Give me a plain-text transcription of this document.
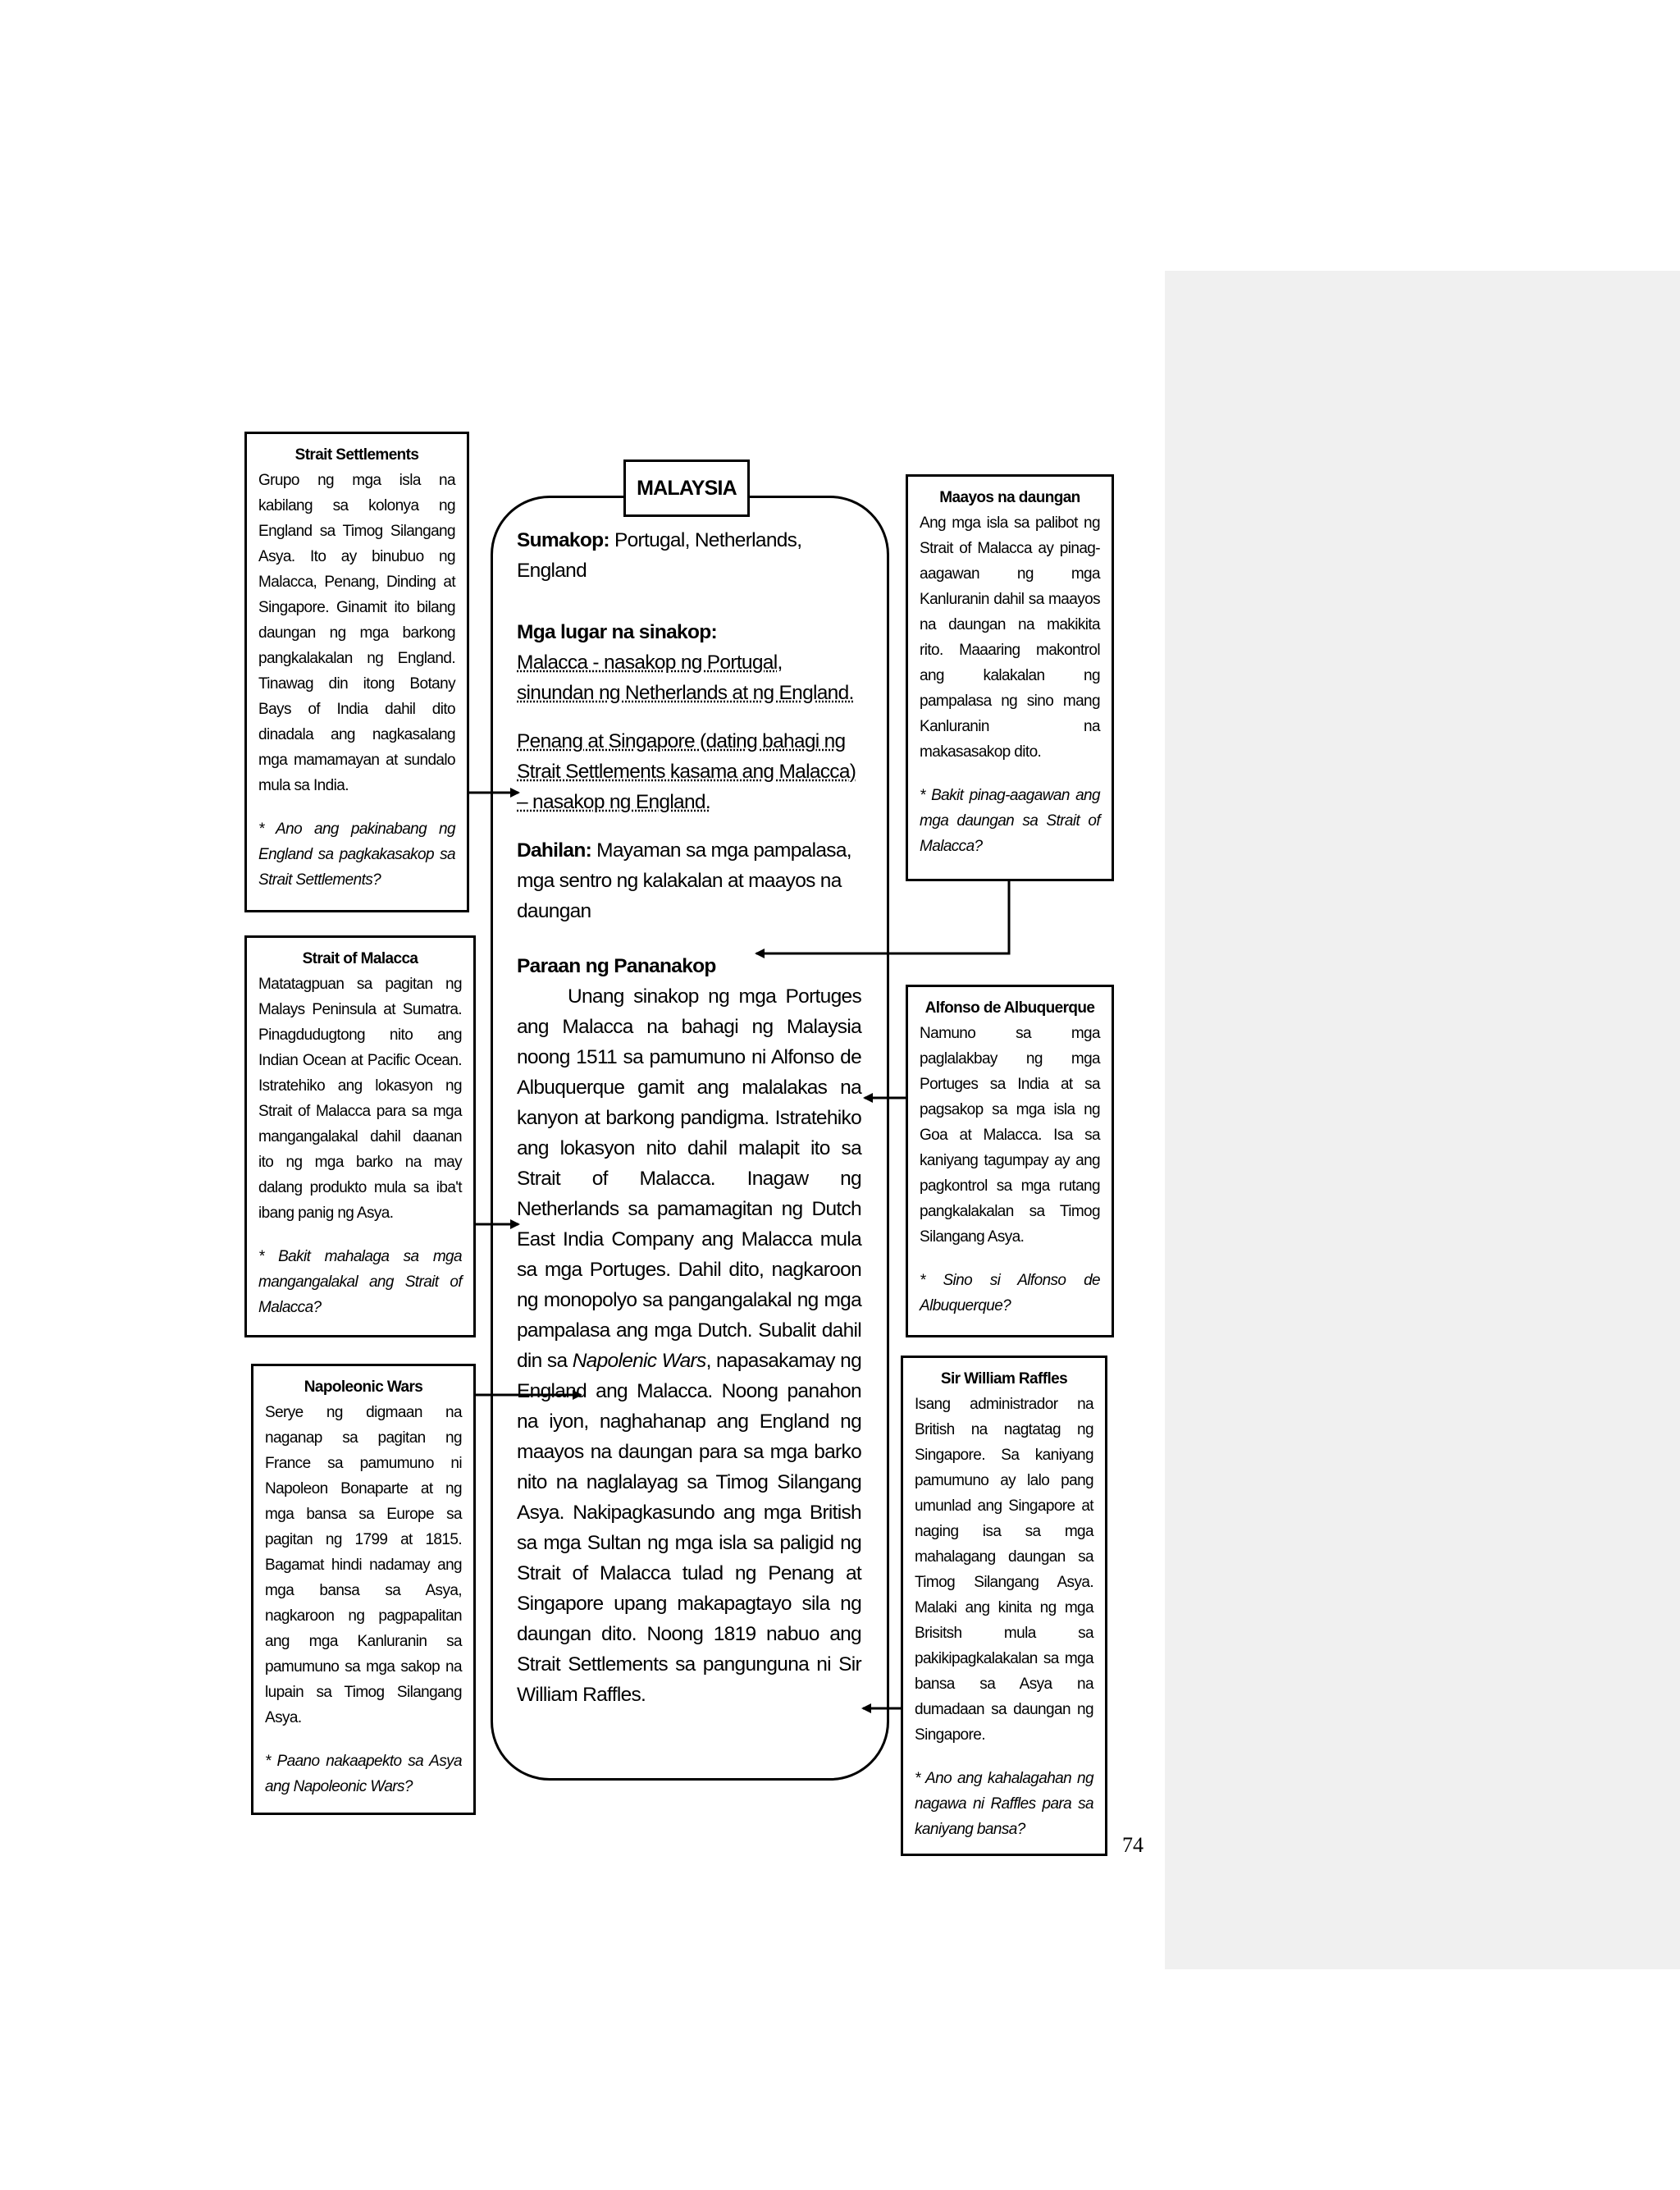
Strait Settlements
Grupo ng mga isla na kabilang sa kolonya ng England sa Timog Silangang Asya. Ito ay binubuo ng Malacca, Penang, Dinding at Singapore. Ginamit ito bilang daungan ng mga barkong pangkalakalan ng England. Tinawag din itong Botany Bays of India dahil dito dinadala ang nagkasalang mga mamamayan at sundalo mula sa India.
* Ano ang pakinabang ng England sa pagkakasakop sa Strait Settlements?
Strait of Malacca
Matatagpuan sa pagitan ng Malays Peninsula at Sumatra. Pinagdudugtong nito ang Indian Ocean at Pacific Ocean. Istratehiko ang lokasyon ng Strait of Malacca para sa mga mangangalakal dahil daanan ito ng mga barko na may dalang produkto mula sa iba't ibang panig ng Asya.
* Bakit mahalaga sa mga mangangalakal ang Strait of Malacca?
Napoleonic Wars
Serye ng digmaan na naganap sa pagitan ng France sa pamumuno ni Napoleon Bonaparte at ng mga bansa sa Europe sa pagitan ng 1799 at 1815. Bagamat hindi nadamay ang mga bansa sa Asya, nagkaroon ng pagpapalitan ang mga Kanluranin sa pamumuno sa mga sakop na lupain sa Timog Silangang Asya.
* Paano nakaapekto sa Asya ang Napoleonic Wars?
Maayos na daungan
Ang mga isla sa palibot ng Strait of Malacca ay pinag-aagawan ng mga Kanluranin dahil sa maayos na daungan na makikita rito. Maaaring makontrol ang kalakalan ng pampalasa ng sino mang Kanluranin na makasasakop dito.
* Bakit pinag-aagawan ang mga daungan sa Strait of Malacca?
Alfonso de Albuquerque
Namuno sa mga paglalakbay ng mga Portuges sa India at sa pagsakop sa mga isla ng Goa at Malacca. Isa sa kaniyang tagumpay ay ang pagkontrol sa mga rutang pangkalakalan sa Timog Silangang Asya.
* Sino si Alfonso de Albuquerque?
Sir William Raffles
Isang administrador na British na nagtatag ng Singapore. Sa kaniyang pamumuno ay lalo pang umunlad ang Singapore at naging isa sa mga mahalagang daungan sa Timog Silangang Asya. Malaki ang kinita ng mga Brisitsh mula sa pakikipagkalakalan sa mga bansa sa Asya na dumadaan sa daungan ng Singapore.
* Ano ang kahalagahan ng nagawa ni Raffles para sa kaniyang bansa?
MALAYSIA
Sumakop: Portugal, Netherlands, England
Mga lugar na sinakop:
Malacca - nasakop ng Portugal, sinundan ng Netherlands at ng England.
Penang at Singapore (dating bahagi ng Strait Settlements kasama ang Malacca) – nasakop ng England.
Dahilan: Mayaman sa mga pampalasa, mga sentro ng kalakalan at maayos na daungan
Paraan ng Pananakop
Unang sinakop ng mga Portuges ang Malacca na bahagi ng Malaysia noong 1511 sa pamumuno ni Alfonso de Albuquerque gamit ang malalakas na kanyon at barkong pandigma. Istratehiko ang lokasyon nito dahil malapit ito sa Strait of Malacca. Inagaw ng Netherlands sa pamamagitan ng Dutch East India Company ang Malacca mula sa mga Portuges. Dahil dito, nagkaroon ng monopolyo sa pangangalakal ng mga pampalasa ang mga Dutch. Subalit dahil din sa Napolenic Wars, napasakamay ng England ang Malacca. Noong panahon na iyon, naghahanap ang England ng maayos na daungan para sa mga barko nito na naglalayag sa Timog Silangang Asya. Nakipagkasundo ang mga British sa mga Sultan ng mga isla sa paligid ng Strait of Malacca tulad ng Penang at Singapore upang makapagtayo sila ng daungan dito. Noong 1819 nabuo ang Strait Settlements sa pangunguna ni Sir William Raffles.
74
